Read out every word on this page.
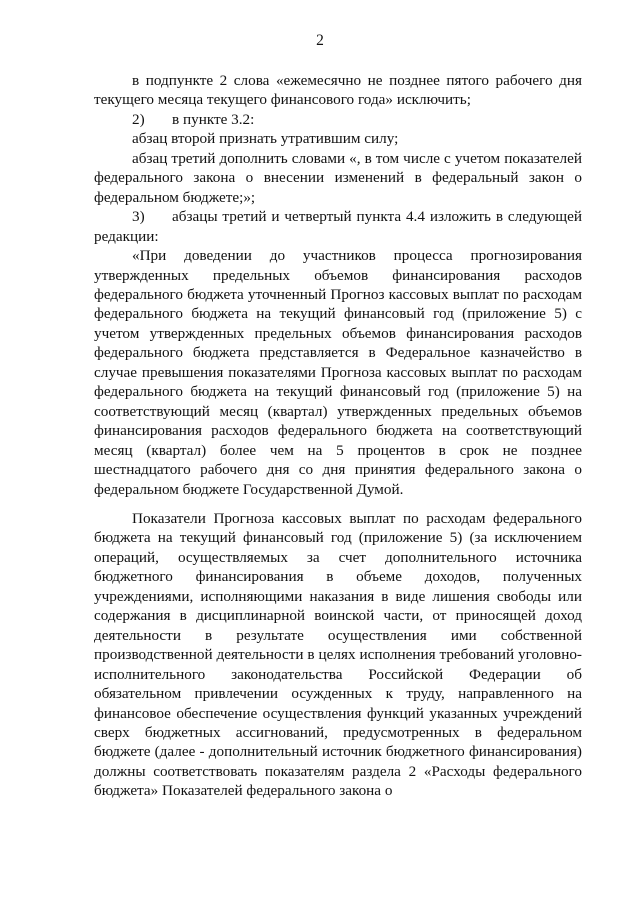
2

в подпункте 2 слова «ежемесячно не позднее пятого рабочего дня текущего месяца текущего финансового года» исключить;

2) в пункте 3.2:

абзац второй признать утратившим силу;

абзац третий дополнить словами «, в том числе с учетом показателей федерального закона о внесении изменений в федеральный закон о федеральном бюджете;»;

3) абзацы третий и четвертый пункта 4.4 изложить в следующей редакции:

«При доведении до участников процесса прогнозирования утвержденных предельных объемов финансирования расходов федерального бюджета уточненный Прогноз кассовых выплат по расходам федерального бюджета на текущий финансовый год (приложение 5) с учетом утвержденных предельных объемов финансирования расходов федерального бюджета представляется в Федеральное казначейство в случае превышения показателями Прогноза кассовых выплат по расходам федерального бюджета на текущий финансовый год (приложение 5) на соответствующий месяц (квартал) утвержденных предельных объемов финансирования расходов федерального бюджета на соответствующий месяц (квартал) более чем на 5 процентов в срок не позднее шестнадцатого рабочего дня со дня принятия федерального закона о федеральном бюджете Государственной Думой.

Показатели Прогноза кассовых выплат по расходам федерального бюджета на текущий финансовый год (приложение 5) (за исключением операций, осуществляемых за счет дополнительного источника бюджетного финансирования в объеме доходов, полученных учреждениями, исполняющими наказания в виде лишения свободы или содержания в дисциплинарной воинской части, от приносящей доход деятельности в результате осуществления ими собственной производственной деятельности в целях исполнения требований уголовно-исполнительного законодательства Российской Федерации об обязательном привлечении осужденных к труду, направленного на финансовое обеспечение осуществления функций указанных учреждений сверх бюджетных ассигнований, предусмотренных в федеральном бюджете (далее - дополнительный источник бюджетного финансирования) должны соответствовать показателям раздела 2 «Расходы федерального бюджета» Показателей федерального закона о
